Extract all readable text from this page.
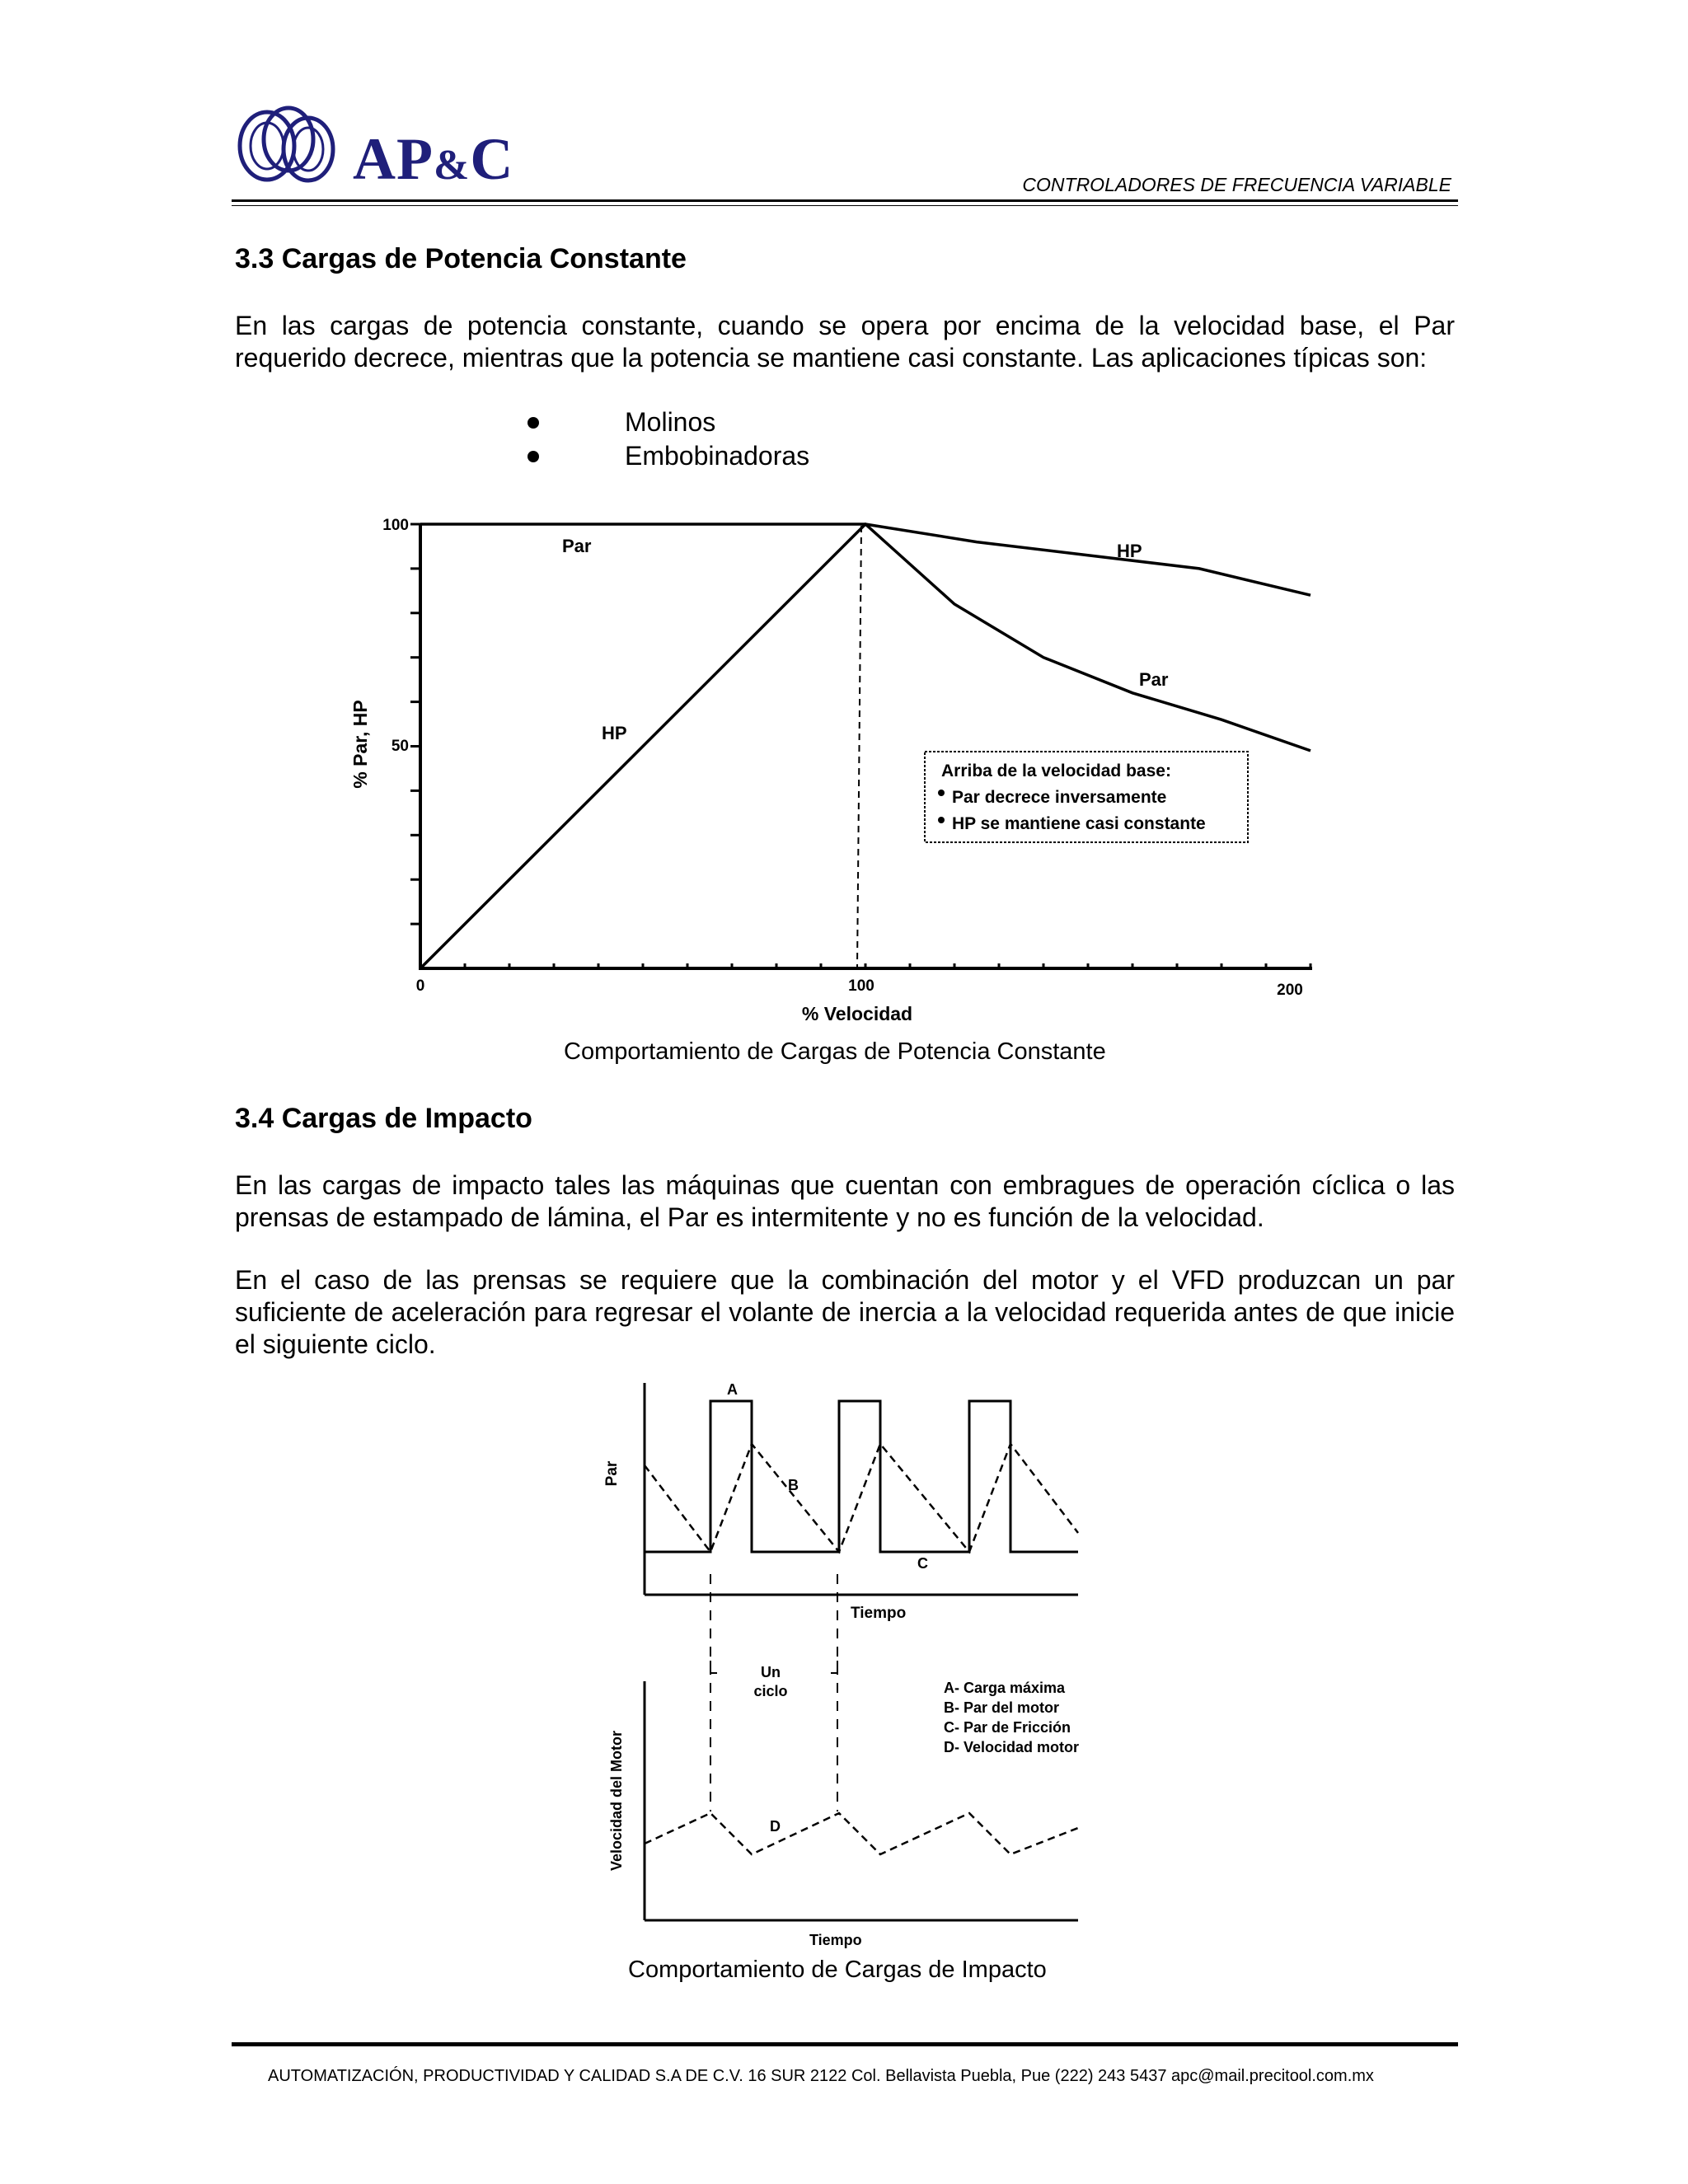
AP&C	CONTROLADORES DE FRECUENCIA VARIABLE
3.3 Cargas de Potencia Constante

En las cargas de potencia constante, cuando se opera por encima de la velocidad base, el Par requerido decrece, mientras que la potencia se mantiene casi constante. Las aplicaciones típicas son:

Molinos
Embobinadoras
0	100	200
100
50
% Velocidad
% Par, HP
Par
HP
HP
Par
Arriba de la velocidad base:
Par decrece inversamente
HP se mantiene casi constante
Comportamiento de Cargas de Potencia Constante
3.4 Cargas de Impacto

En las cargas de impacto tales las máquinas que cuentan con embragues de operación cíclica o las prensas de estampado de lámina, el Par es intermitente y no es función de la velocidad.

En el caso de las prensas se requiere que la combinación del motor y el VFD produzcan un par suficiente de aceleración para regresar el volante de inercia a la velocidad requerida antes de que inicie el siguiente ciclo.

Par
Tiempo
A
B
C
Un
ciclo	A- Carga máxima
B- Par del motor
C- Par de Fricción
D- Velocidad motor
Velocidad del Motor
Tiempo
D
Comportamiento de Cargas de Impacto
AUTOMATIZACIÓN, PRODUCTIVIDAD Y CALIDAD S.A DE C.V. 16 SUR 2122 Col. Bellavista Puebla, Pue (222) 243 5437 apc@mail.precitool.com.mx
